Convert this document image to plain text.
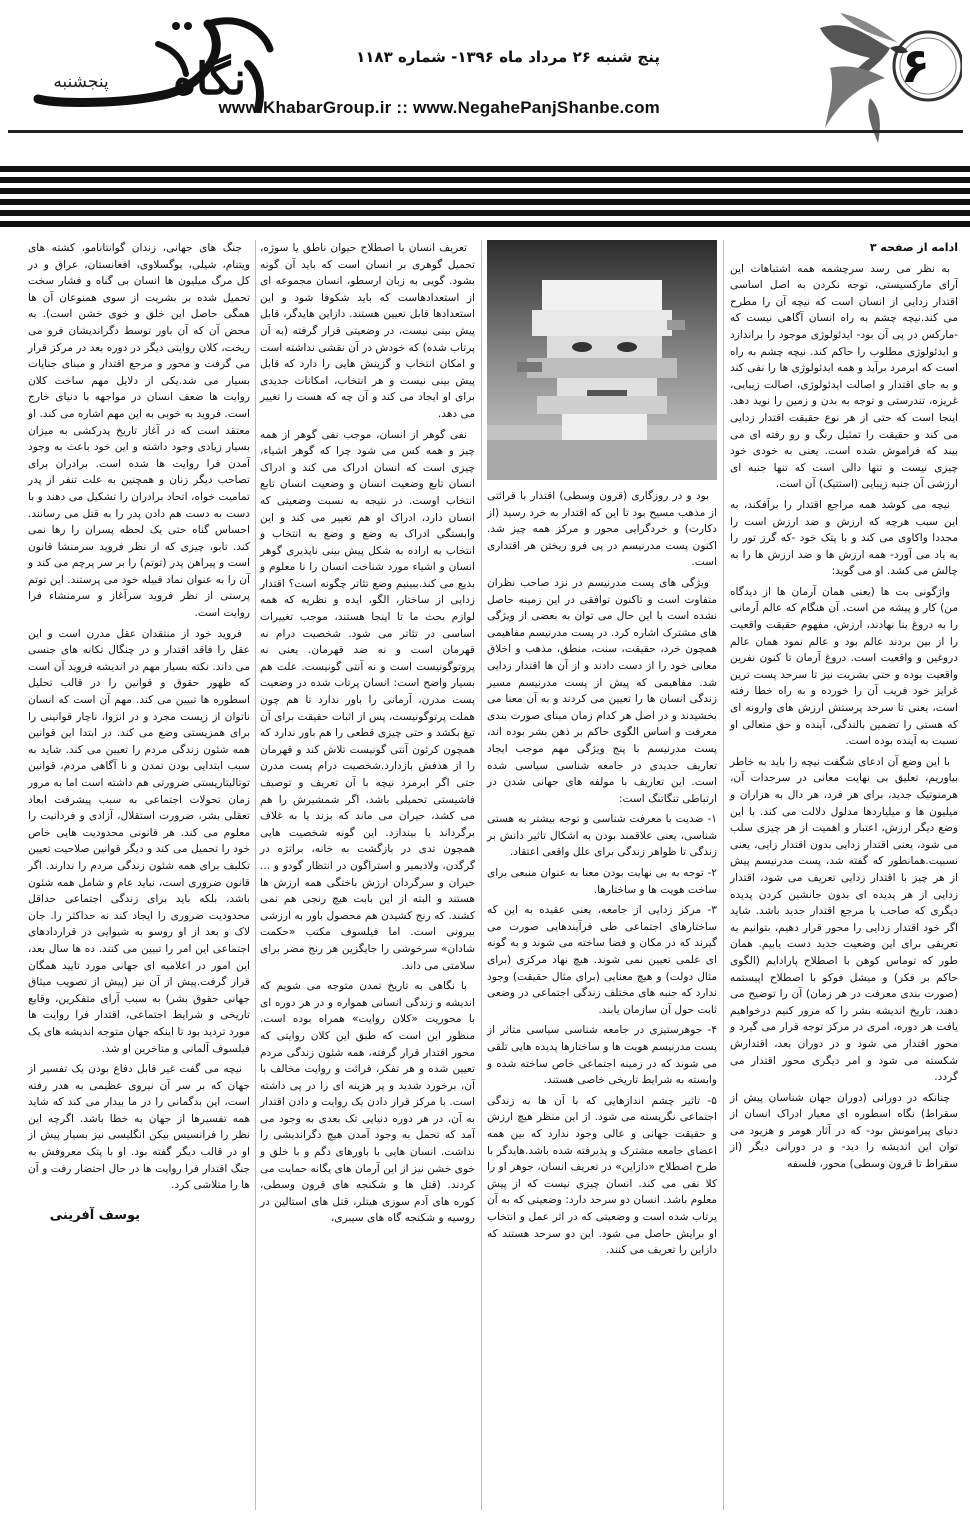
۶
پنج شنبه ۲۶ مرداد ماه ۱۳۹۶- شماره ۱۱۸۳
www.KhabarGroup.ir :: www.NegahePanjShanbe.com
نگاه
پنجشنبه

ادامه از صفحه ۳

به نظر می رسد سرچشمه همه اشتباهات این آرای مارکسیستی، توجه نکردن به اصل اساسی اقتدار زدایی از انسان است که نیچه آن را مطرح می کند.نیچه چشم به راه انسان آگاهی نیست که -مارکس در پی آن بود- ایدئولوژی موجود را براندازد و ایدئولوژی مطلوب را حاکم کند. نیچه چشم به راه است که ابرمرد برآید و همه ایدئولوژی ها را نفی کند و به جای اقتدار و اصالت ایدئولوژی، اصالت زیبایی، غریزه، تندرستی و توجه به بدن و زمین را نوید دهد. اینجا است که حتی از هر نوع حقیقت اقتدار زدایی می کند و حقیقت را تمثیل رنگ و رو رفته ای می بیند که فراموش شده است. یعنی به خودی خود چیزی نیست و تنها دالی است که تنها جنبه ای ارزشی آن جنبه زیبایی (استتیک) آن است.

نیچه می کوشد همه مراجع اقتدار را براَفکند، به این سبب هرچه که ارزش و ضد ارزش است را مجددا واکاوی می کند و با پتک خود -که گرز تور را به یاد می آورد- همه ارزش ها و ضد ارزش ها را به چالش می کشد. او می گوید:

واژگونی بت ها (یعنی همان آرمان ها از دیدگاه من) کار و پیشه من است. آن هنگام که عالم آرمانی را به دروغ بنا نهادند، ارزش، مفهوم حقیقت واقعیت را از بین بردند عالم بود و عالم نمود همان عالم دروغین و واقعیت است. دروغ آرمان تا کنون نفرین واقعیت بوده و حتی بشریت نیز تا سرحد پست ترین غرایز خود فریب آن را خورده و به راه خطا رفته است، یعنی تا سرحد پرستش ارزش های وارونه ای که هستی را تضمین بالندگی، آینده و حق متعالی او نسبت به آینده بوده است.

با این وضع آن ادعای شگفت نیچه را باید به خاطر بیاوریم، تعلیق بی نهایت معانی در سرحدات آن، هرمنوتیک جدید، برای هر فرد، هر دال به هزاران و میلیون ها و میلیاردها مدلول دلالت می کند. با این وضع دیگر ارزش، اعتبار و اهمیت از هر چیزی سلب می شود، یعنی اقتدار زدایی بدون اقتدار زایی، یعنی نسبیت.همانطور که گفته شد، پست مدرنیسم پیش از هر چیز با اقتدار زدایی تعریف می شود، اقتدار زدایی از هر پدیده ای بدون جانشین کردن پدیده دیگری که صاحب یا مرجع اقتدار جدید باشد. شاید اگر خود اقتدار زدایی را محور قرار دهیم، بتوانیم به تعریفی برای این وضعیت جدید دست یابیم. همان طور که توماس کوهن با اصطلاح پارادایم (الگوی حاکم بر فکر) و میشل فوکو با اصطلاح اپیستمه (صورت بندی معرفت در هر زمان) آن را توضیح می دهند، تاریخ اندیشه بشر را که مرور کنیم درخواهیم یافت هر دوره، امری در مرکز توجه قرار می گیرد و محور اقتدار می شود و در دوران بعد، اقتدارش شکسته می شود و امر دیگری محور اقتدار می گردد.

چنانکه در دورانی (دوران جهان شناسان پیش از سقراط) نگاه اسطوره ای معیار ادراک انسان از دنیای پیرامونش بود- که در آثار هومر و هزیود می توان این اندیشه را دید- و در دورانی دیگر (از سقراط تا قرون وسطی) محور، فلسفه

بود و در روزگاری (قرون وسطی) اقتدار با قرائتی از مذهب مسیح بود تا این که اقتدار به خرد رسید (از دکارت) و خردگرایی محور و مرکز همه چیز شد. اکنون پست مدرنیسم در پی فرو ریختن هر اقتداری است.

ویژگی های پست مدرنیسم در نزد صاحب نظران متفاوت است و تاکنون توافقی در این زمینه حاصل نشده است با این حال می توان به بعضی از ویژگی های مشترک اشاره کرد. در پست مدرنیسم مفاهیمی همچون خرد، حقیقت، سنت، منطق، مذهب و اخلاق معانی خود را از دست دادند و از آن ها اقتدار زدایی شد. مفاهیمی که پیش از پست مدرنیسم مسیر زندگی انسان ها را تعیین می کردند و به آن معنا می بخشیدند و در اصل هر کدام زمان مبنای صورت بندی معرفت و اساس الگوی حاکم بر ذهن بشر بوده اند، پست مدرنیسم با پنج ویژگی مهم موجب ایجاد تعاریف جدیدی در جامعه شناسی سیاسی شده است. این تعاریف با مولفه های جهانی شدن در ارتباطی تنگاتنگ است:

۱- ضدیت با معرفت شناسی و توجه بیشتر به هستی شناسی، یعنی علاقمند بودن به اشکال تاثیر دانش بر زندگی تا ظواهر زندگی برای علل واقعی اعتقاد.

۲- توجه به بی نهایت بودن معنا به عنوان منبعی برای ساخت هویت ها و ساختارها.

۳- مرکز زدایی از جامعه، یعنی عقیده به این که ساختارهای اجتماعی طی فرآیندهایی صورت می گیرند که در مکان و فضا ساخته می شوند و به گونه ای علمی تعیین نمی شوند. هیچ نهاد مرکزی (برای مثال دولت) و هیچ معنایی (برای مثال حقیقت) وجود ندارد که جنبه های مختلف زندگی اجتماعی در وضعی ثابت حول آن سازمان یابند.

۴- جوهرستیزی در جامعه شناسی سیاسی متاثر از پست مدرنیسم هویت ها و ساختارها پدیده هایی تلقی می شوند که در زمینه اجتماعی خاص ساخته شده و وابسته به شرایط تاریخی خاصی هستند.

۵- تاثیر چشم اندازهایی که با آن ها به زندگی اجتماعی نگریسته می شود. از این منظر هیچ ارزش و حقیقت جهانی و عالی وجود ندارد که بین همه اعضای جامعه مشترک و پذیرفته شده باشد.هایدگر با طرح اصطلاح «دازاین» در تعریف انسان، جوهر او را کلا نفی می کند. انسان چیزی نیست که از پیش معلوم باشد. انسان دو سرحد دارد: وضعیتی که به آن پرتاب شده است و وضعیتی که در اثر عمل و انتخاب او برایش حاصل می شود. این دو سرحد هستند که دازاین را تعریف می کنند.

تعریف انسان با اصطلاح حیوان ناطق یا سوژه، تحمیل گوهری بر انسان است که باید آن گونه بشود. گویی به زبان ارسطو، انسان مجموعه ای از استعدادهاست که باید شکوفا شود و این استعدادها قابل تعیین هستند. دازاین هایدگر، قابل پیش بینی نیست، در وضعیتی قرار گرفته (به آن پرتاب شده) که خودش در آن نقشی نداشته است و امکان انتخاب و گزینش هایی را دارد که قابل پیش بینی نیست و هر انتخاب، امکانات جدیدی برای او ایجاد می کند و آن چه که هست را تغییر می دهد.

نفی گوهر از انسان، موجب نفی گوهر از همه چیز و همه کس می شود چرا که گوهر اشیاء، چیزی است که انسان ادراک می کند و ادراک انسان تابع وضعیت انسان و وضعیت انسان تابع انتخاب اوست. در نتیجه به نسبت وضعیتی که انسان دارد، ادراک او هم تغییر می کند و این وابستگی ادراک به وضع و وضع به انتخاب و انتخاب به اراده به شکل پیش بینی ناپذیری گوهر انسان و اشیاء مورد شناخت انسان را نا معلوم و بدیع می کند.ببینیم وضع تئاتر چگونه است؟ اقتدار زدایی از ساختار، الگو، ایده و نظریه که همه لوازم بحث ما تا اینجا هستند، موجب تغییرات اساسی در تئاتر می شود. شخصیت درام نه قهرمان است و نه ضد قهرمان. یعنی نه پروتوگونیست است و نه آنتی گونیست. علت هم بسیار واضح است: انسان پرتاب شده در وضعیت پست مدرن، آرمانی را باور ندارد تا هم چون هملت پرتوگونیست، پس از اثبات حقیقت برای آن تیغ بکشد و حتی چیزی قطعی را هم باور ندارد که همچون کرئون آنتی گونیست تلاش کند و قهرمان را از هدفش بازدارد.شخصیت درام پست مدرن حتی اگر ابرمرد نیچه با آن تعریف و توصیف فاشیستی تحمیلی باشد، اگر شمشیرش را هم می کشد، حیران می ماند که بزند یا به غلاف برگرداند یا بیندازد. این گونه شخصیت هایی همچون تدی در بازگشت به خانه، براتژه در گرگدن، ولادیمیر و استراگون در انتظار گودو و ... حیران و سرگردان ارزش باختگی همه ارزش ها هستند و البته از این بابت هیچ رنجی هم نمی کشند. که رنج کشیدن هم محصول باور به ارزشی بیرونی است. اما فیلسوف مکتب «حکمت شادان» سرخوشی را جایگزین هر رنج مضر برای سلامتی می داند.

با نگاهی به تاریخ تمدن متوجه می شویم که اندیشه و زندگی انسانی همواره و در هر دوره ای با محوریت «کلان روایت» همراه بوده است. منظور این است که طبق این کلان روایتی که محور اقتدار قرار گرفته، همه شئون زندگی مردم تعیین شده و هر تفکر، قرائت و روایت مخالف با آن، برخورد شدید و پر هزینه ای را در پی داشته است. با مرکز قرار دادن یک روایت و دادن اقتدار به آن، در هر دوره دنیایی تک بعدی به وجود می آمد که تحمل به وجود آمدن هیچ دگراندیشی را نداشت. انسان هایی با باورهای دگم و با خلق و خوی خشن نیز از این آرمان های یگانه حمایت می کردند. (قتل ها و شکنجه های قرون وسطی، کوره های آدم سوزی هیتلر، قتل های استالین در روسیه و شکنجه گاه های سیبری،

جنگ های جهانی، زندان گوانتانامو، کشته های ویتنام، شیلی، یوگسلاوی، افغانستان، عراق و در کل مرگ میلیون ها انسان بی گناه و فشار سخت تحمیل شده بر بشریت از سوی همنوعان آن ها همگی حاصل این خلق و خوی خشن است). به محض آن که آن باور توسط دگراندیشان فرو می ریخت، کلان روایتی دیگر در دوره بعد در مرکز قرار می گرفت و محور و مرجع اقتدار و مبنای جنایات بسیار می شد.یکی از دلایل مهم ساخت کلان روایت ها ضعف انسان در مواجهه با دنیای خارج است. فروید به خوبی به این مهم اشاره می کند. او معتقد است که در آغاز تاریخ پدرکشی به میزان بسیار زیادی وجود داشته و این خود باعث به وجود آمدن فرا روایت ها شده است. برادران برای تصاحب دیگر زنان و همچنین به علت تنفر از پدر تمامیت خواه، اتحاد برادران را تشکیل می دهند و با دست به دست هم دادن پدر را به قتل می رسانند. احساس گناه حتی یک لحظه پسران را رها نمی کند. تابو، چیزی که از نظر فروید سرمنشا قانون است و پیراهن پدر (توتم) را بر سر پرچم می کند و آن را به عنوان نماد قبیله خود می پرستند. این توتم پرستی از نظر فروید سرآغاز و سرمنشاء فرا روایت است.

فروید خود از منتقدان عقل مدرن است و این عقل را فاقد اقتدار و در چنگال تکانه های جنسی می داند. نکته بسیار مهم در اندیشه فروید آن است که ظهور حقوق و قوانین را در قالب تحلیل اسطوره ها تبیین می کند. مهم آن است که انسان ناتوان از زیست مجرد و در انزوا، ناچار قوانینی را برای همزیستی وضع می کند. در ابتدا این قوانین همه شئون زندگی مردم را تعیین می کند. شاید به سبب ابتدایی بودن تمدن و نا آگاهی مردم، قوانین توتالیتاریستی ضرورتی هم داشته است اما به مرور زمان تحولات اجتماعی به سبب پیشرفت ابعاد تعقلی بشر، ضرورت استقلال، آزادی و فردانیت را معلوم می کند. هر قانونی محدودیت هایی خاص خود را تحمیل می کند و دیگر قوانین صلاحیت تعیین تکلیف برای همه شئون زندگی مردم را ندارند. اگر قانون ضروری است، نباید عام و شامل همه شئون باشد، بلکه باید برای زندگی اجتماعی حداقل محدودیت ضروری را ایجاد کند نه حداکثر را. جان لاک و بعد از او روسو به شیوایی در قراردادهای اجتماعی این امر را تبیین می کنند. ده ها سال بعد، این امور در اعلامیه ای جهانی مورد تایید همگان قرار گرفت.پیش از آن نیز (پیش از تصویب میثاق جهانی حقوق بشر) به سبب آرای متفکرین، وقایع تاریخی و شرایط اجتماعی، اقتدار فرا روایت ها مورد تردید بود تا اینکه جهان متوجه اندیشه های یک فیلسوف آلمانی و متاخرین او شد.

نیچه می گفت غیر قابل دفاع بودن یک تفسیر از جهان که بر سر آن نیروی عظیمی به هدر رفته است، این بدگمانی را در ما بیدار می کند که شاید همه تفسیرها از جهان به خطا باشد. اگرچه این نظر را فرانسیس بیکن انگلیسی نیز بسیار پیش از او در قالب دیگر گفته بود. او با پتک معروفش به جنگ اقتدار فرا روایت ها در حال احتضار رفت و آن ها را متلاشی کرد.

یوسف آفرینی
